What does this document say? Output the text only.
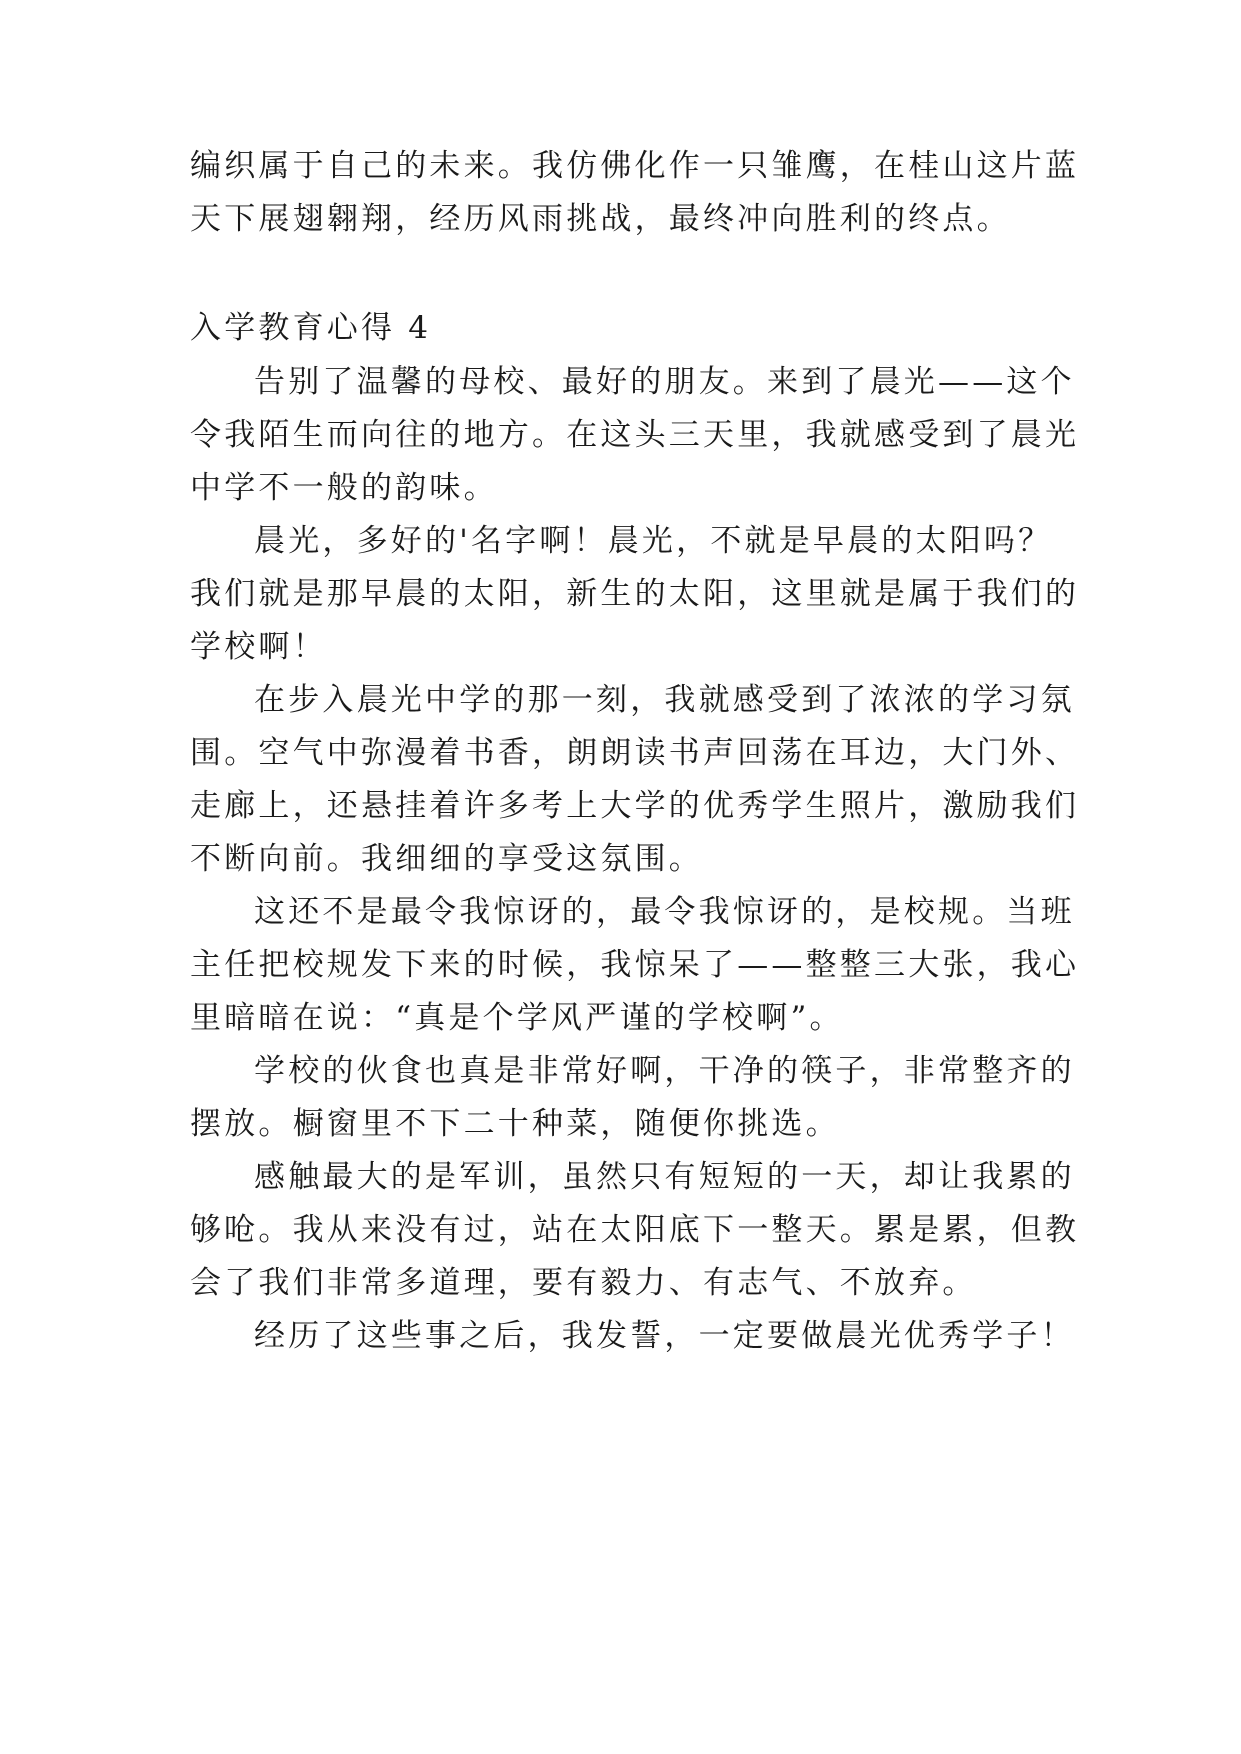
编织属于自己的未来。我仿佛化作一只雏鹰，在桂山这片蓝
天下展翅翱翔，经历风雨挑战，最终冲向胜利的终点。
入学教育心得 4
告别了温馨的母校、最好的朋友。来到了晨光——这个
令我陌生而向往的地方。在这头三天里，我就感受到了晨光
中学不一般的韵味。
晨光，多好的'名字啊！晨光，不就是早晨的太阳吗？
我们就是那早晨的太阳，新生的太阳，这里就是属于我们的
学校啊！
在步入晨光中学的那一刻，我就感受到了浓浓的学习氛
围。空气中弥漫着书香，朗朗读书声回荡在耳边，大门外、
走廊上，还悬挂着许多考上大学的优秀学生照片，激励我们
不断向前。我细细的享受这氛围。
这还不是最令我惊讶的，最令我惊讶的，是校规。当班
主任把校规发下来的时候，我惊呆了——整整三大张，我心
里暗暗在说：“真是个学风严谨的学校啊”。
学校的伙食也真是非常好啊，干净的筷子，非常整齐的
摆放。橱窗里不下二十种菜，随便你挑选。
感触最大的是军训，虽然只有短短的一天，却让我累的
够呛。我从来没有过，站在太阳底下一整天。累是累，但教
会了我们非常多道理，要有毅力、有志气、不放弃。
经历了这些事之后，我发誓，一定要做晨光优秀学子！
